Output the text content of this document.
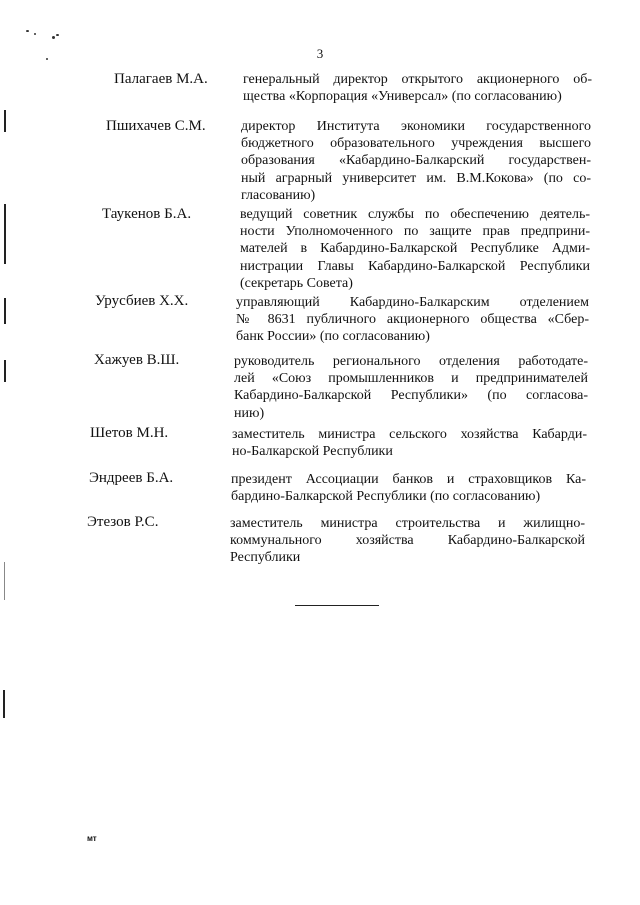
3
Палагаев М.А.	генеральный директор открытого акционерного об-
щества «Корпорация «Универсал» (по согласованию)
Пшихачев С.М.	директор Института экономики государственного
бюджетного образовательного учреждения высшего
образования «Кабардино-Балкарский государствен-
ный аграрный университет им. В.М.Кокова» (по со-
гласованию)
Таукенов Б.А.	ведущий советник службы по обеспечению деятель-
ности Уполномоченного по защите прав предприни-
мателей в Кабардино-Балкарской Республике Адми-
нистрации Главы Кабардино-Балкарской Республики
(секретарь Совета)
Урусбиев Х.Х.	управляющий Кабардино-Балкарским отделением
№ 8631 публичного акционерного общества «Сбер-
банк России» (по согласованию)
Хажуев В.Ш.	руководитель регионального отделения работодате-
лей «Союз промышленников и предпринимателей
Кабардино-Балкарской Республики» (по согласова-
нию)
Шетов М.Н.	заместитель министра сельского хозяйства Кабарди-
но-Балкарской Республики
Эндреев Б.А.	президент Ассоциации банков и страховщиков Ка-
бардино-Балкарской Республики (по согласованию)
Этезов Р.С.	заместитель министра строительства и жилищно-
коммунального хозяйства Кабардино-Балкарской
Республики
мт
